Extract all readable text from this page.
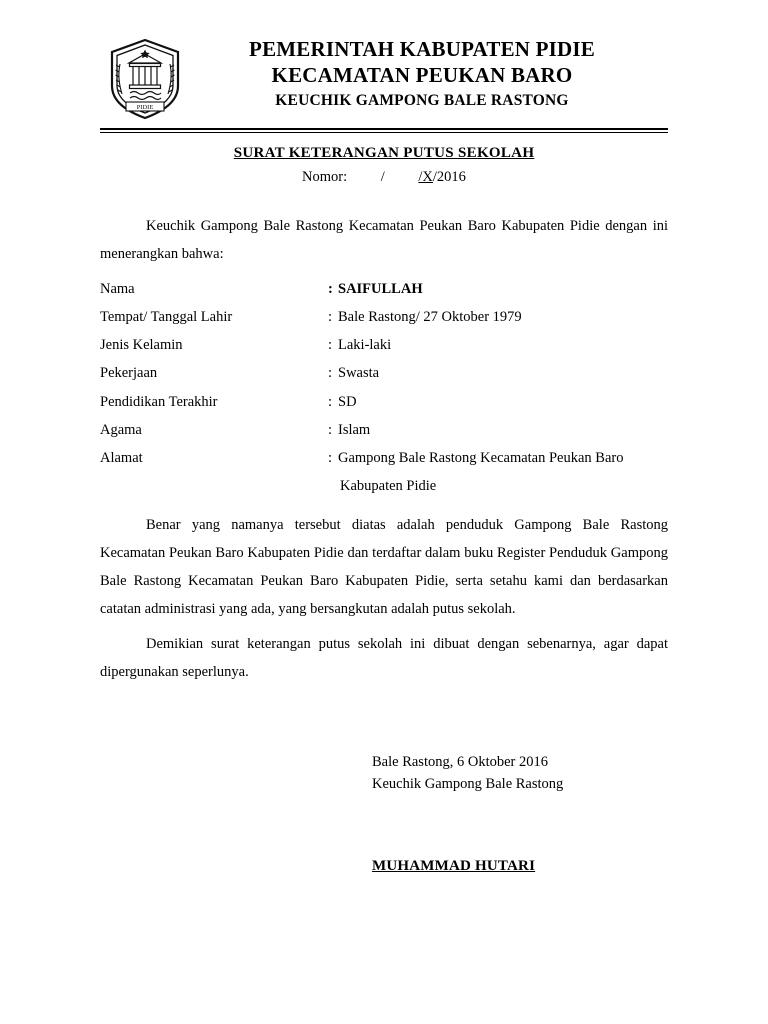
PIDIE
PEMERINTAH KABUPATEN PIDIE
KECAMATAN PEUKAN BARO
KEUCHIK GAMPONG BALE RASTONG
SURAT KETERANGAN PUTUS SEKOLAH
Nomor: / /X/2016
Keuchik Gampong Bale Rastong Kecamatan Peukan Baro Kabupaten Pidie dengan ini menerangkan bahwa:
Nama	: SAIFULLAH
Tempat/ Tanggal Lahir	: Bale Rastong/ 27 Oktober 1979
Jenis Kelamin	: Laki-laki
Pekerjaan	: Swasta
Pendidikan Terakhir	: SD
Agama	: Islam
Alamat	: Gampong Bale Rastong Kecamatan Peukan Baro
Kabupaten Pidie
Benar yang namanya tersebut diatas adalah penduduk Gampong Bale Rastong Kecamatan Peukan Baro Kabupaten Pidie dan terdaftar dalam buku Register Penduduk Gampong Bale Rastong Kecamatan Peukan Baro Kabupaten Pidie, serta setahu kami dan berdasarkan catatan administrasi yang ada, yang bersangkutan adalah putus sekolah.
Demikian surat keterangan putus sekolah ini dibuat dengan sebenarnya, agar dapat dipergunakan seperlunya.
Bale Rastong, 6 Oktober 2016
Keuchik Gampong Bale Rastong
MUHAMMAD HUTARI
